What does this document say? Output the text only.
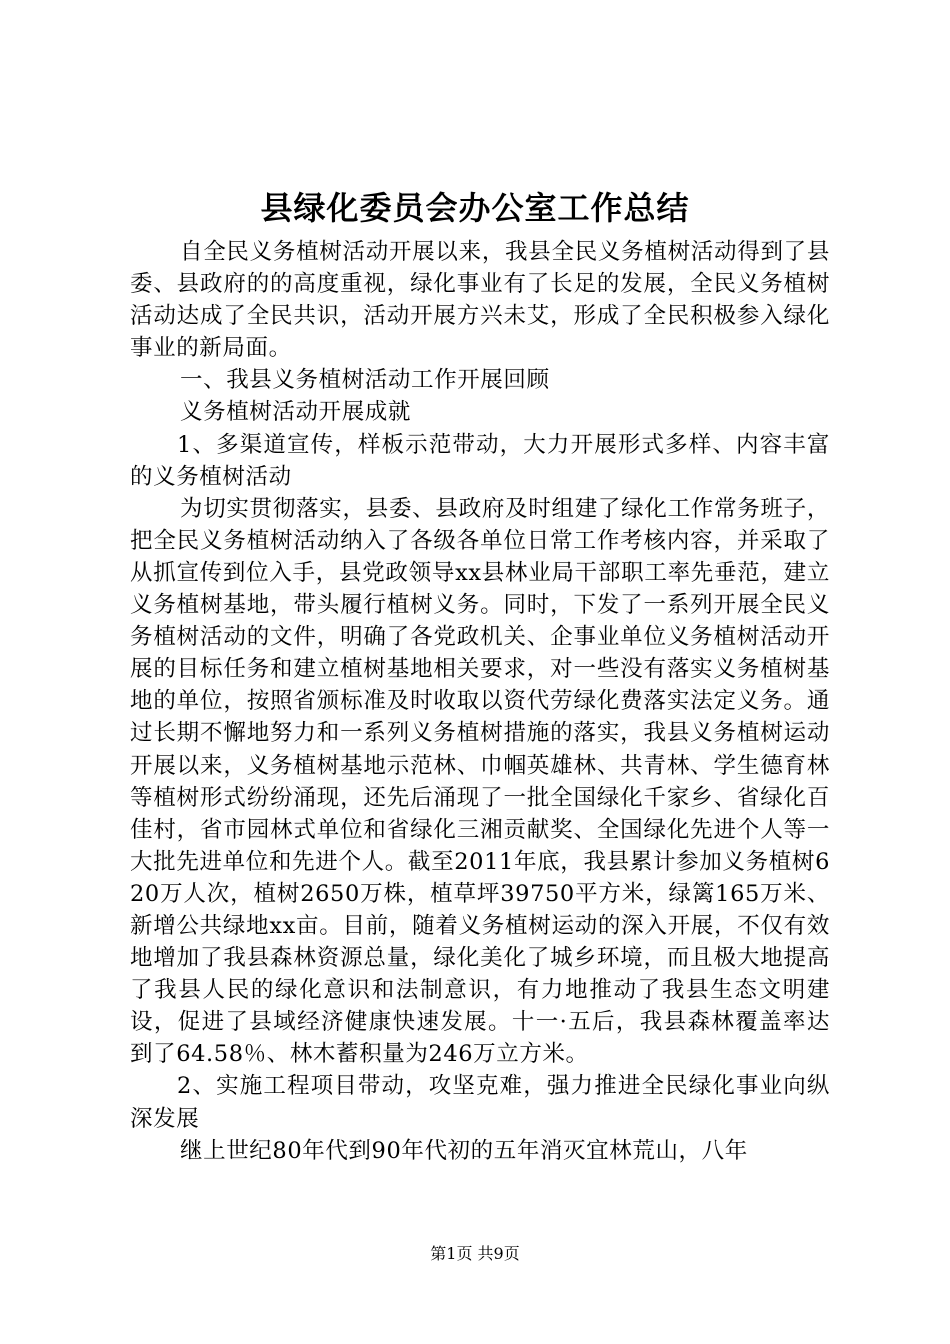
县绿化委员会办公室工作总结

自全民义务植树活动开展以来，我县全民义务植树活动得到了县委、县政府的的高度重视，绿化事业有了长足的发展，全民义务植树活动达成了全民共识，活动开展方兴未艾，形成了全民积极参入绿化事业的新局面。

一、我县义务植树活动工作开展回顾

义务植树活动开展成就

1、多渠道宣传，样板示范带动，大力开展形式多样、内容丰富的义务植树活动

为切实贯彻落实，县委、县政府及时组建了绿化工作常务班子，把全民义务植树活动纳入了各级各单位日常工作考核内容，并采取了从抓宣传到位入手，县党政领导xx县林业局干部职工率先垂范，建立义务植树基地，带头履行植树义务。同时，下发了一系列开展全民义务植树活动的文件，明确了各党政机关、企事业单位义务植树活动开展的目标任务和建立植树基地相关要求，对一些没有落实义务植树基地的单位，按照省颁标准及时收取以资代劳绿化费落实法定义务。通过长期不懈地努力和一系列义务植树措施的落实，我县义务植树运动开展以来，义务植树基地示范林、巾帼英雄林、共青林、学生德育林等植树形式纷纷涌现，还先后涌现了一批全国绿化千家乡、省绿化百佳村，省市园林式单位和省绿化三湘贡献奖、全国绿化先进个人等一大批先进单位和先进个人。截至2011年底，我县累计参加义务植树620万人次，植树2650万株，植草坪39750平方米，绿篱165万米、新增公共绿地xx亩。目前，随着义务植树运动的深入开展，不仅有效地增加了我县森林资源总量，绿化美化了城乡环境，而且极大地提高了我县人民的绿化意识和法制意识，有力地推动了我县生态文明建设，促进了县域经济健康快速发展。十一·五后，我县森林覆盖率达到了64.58％、林木蓄积量为246万立方米。

2、实施工程项目带动，攻坚克难，强力推进全民绿化事业向纵深发展

继上世纪80年代到90年代初的五年消灭宜林荒山，八年

第1页 共9页
